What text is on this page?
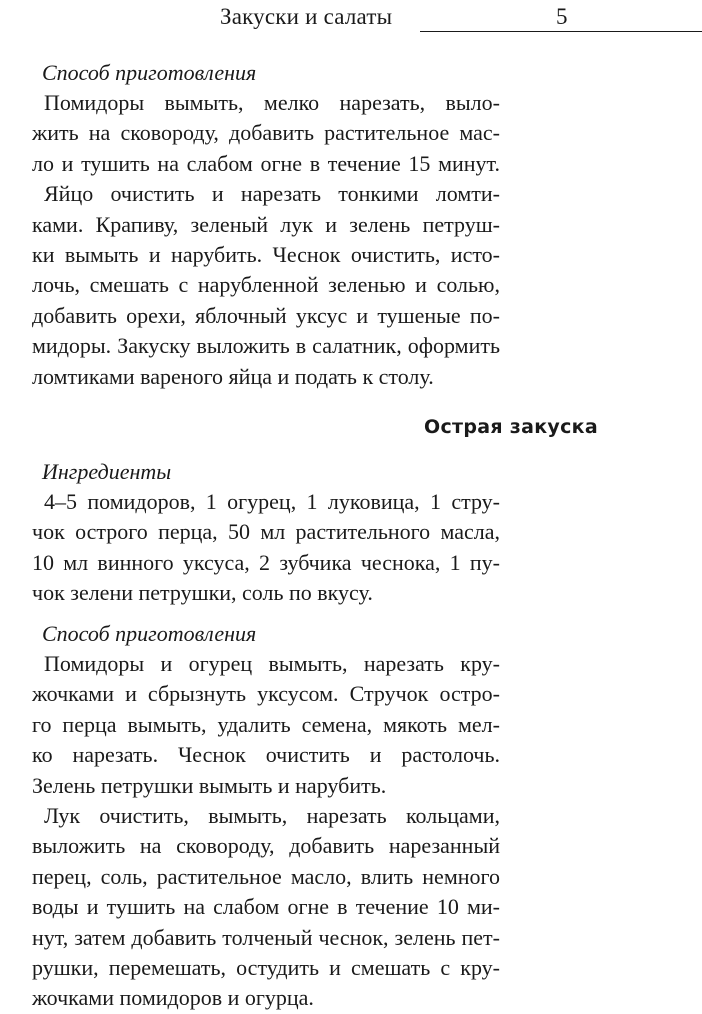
Закуски и салаты	5
Способ приготовления
Помидоры вымыть, мелко нарезать, выло-
жить на сковороду, добавить растительное мас-
ло и тушить на слабом огне в течение 15 минут.
Яйцо очистить и нарезать тонкими ломти-
ками. Крапиву, зеленый лук и зелень петруш-
ки вымыть и нарубить. Чеснок очистить, исто-
лочь, смешать с нарубленной зеленью и солью,
добавить орехи, яблочный уксус и тушеные по-
мидоры. Закуску выложить в салатник, оформить
ломтиками вареного яйца и подать к столу.
Острая закуска
Ингредиенты
4–5 помидоров, 1 огурец, 1 луковица, 1 стру-
чок острого перца, 50 мл растительного масла,
10 мл винного уксуса, 2 зубчика чеснока, 1 пу-
чок зелени петрушки, соль по вкусу.
Способ приготовления
Помидоры и огурец вымыть, нарезать кру-
жочками и сбрызнуть уксусом. Стручок остро-
го перца вымыть, удалить семена, мякоть мел-
ко нарезать. Чеснок очистить и растолочь.
Зелень петрушки вымыть и нарубить.
Лук очистить, вымыть, нарезать кольцами,
выложить на сковороду, добавить нарезанный
перец, соль, растительное масло, влить немного
воды и тушить на слабом огне в течение 10 ми-
нут, затем добавить толченый чеснок, зелень пет-
рушки, перемешать, остудить и смешать с кру-
жочками помидоров и огурца.
